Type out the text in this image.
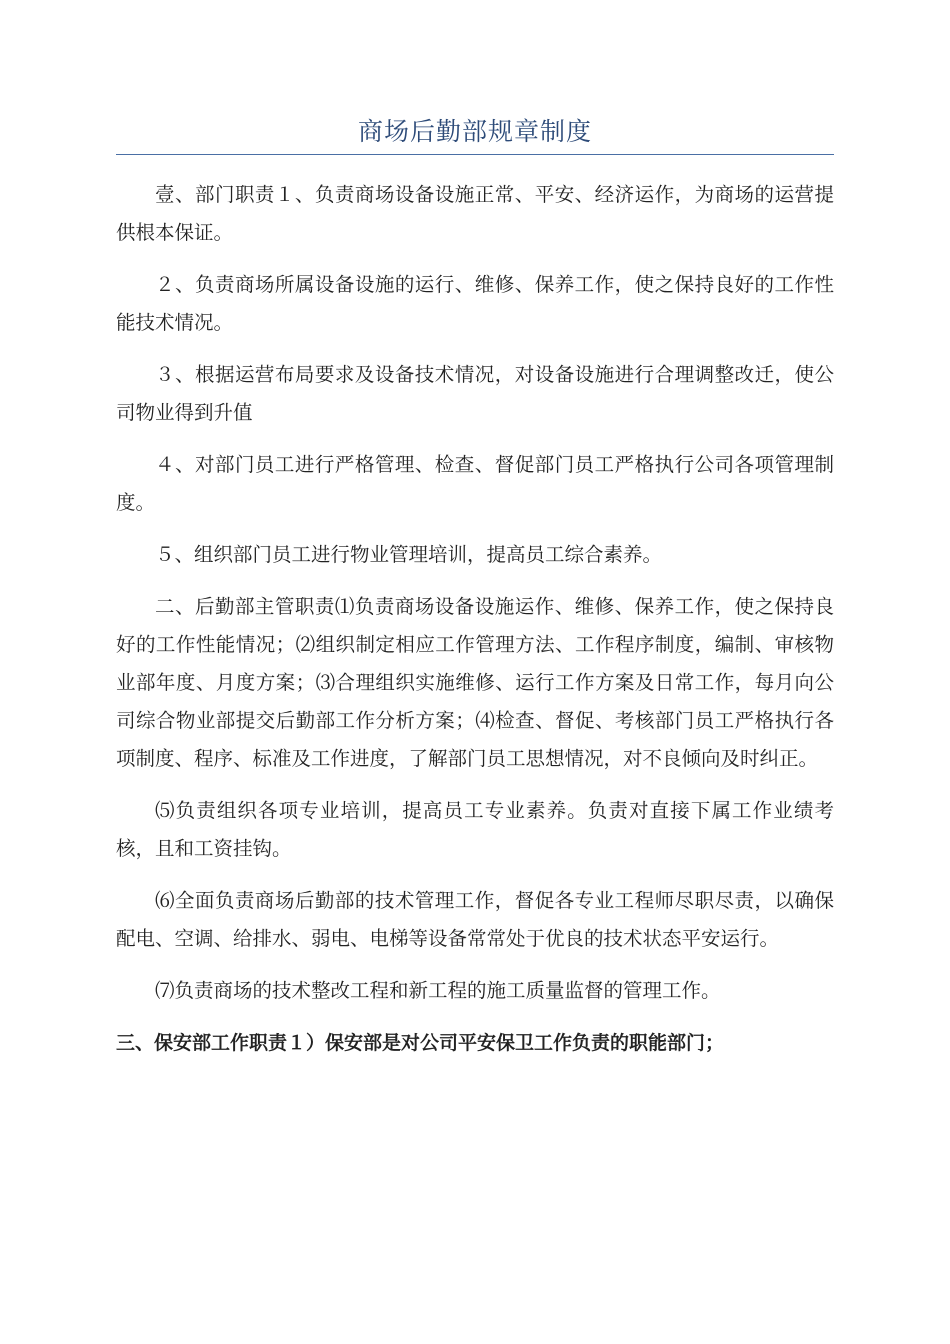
商场后勤部规章制度

壹、部门职责１、负责商场设备设施正常、平安、经济运作，为商场的运营提供根本保证。

２、负责商场所属设备设施的运行、维修、保养工作，使之保持良好的工作性能技术情况。

３、根据运营布局要求及设备技术情况，对设备设施进行合理调整改迁，使公司物业得到升值

４、对部门员工进行严格管理、检查、督促部门员工严格执行公司各项管理制度。

５、组织部门员工进行物业管理培训，提高员工综合素养。

二、后勤部主管职责⑴负责商场设备设施运作、维修、保养工作，使之保持良好的工作性能情况；⑵组织制定相应工作管理方法、工作程序制度，编制、审核物业部年度、月度方案；⑶合理组织实施维修、运行工作方案及日常工作，每月向公司综合物业部提交后勤部工作分析方案；⑷检查、督促、考核部门员工严格执行各项制度、程序、标准及工作进度，了解部门员工思想情况，对不良倾向及时纠正。

⑸负责组织各项专业培训，提高员工专业素养。负责对直接下属工作业绩考核，且和工资挂钩。

⑹全面负责商场后勤部的技术管理工作，督促各专业工程师尽职尽责，以确保配电、空调、给排水、弱电、电梯等设备常常处于优良的技术状态平安运行。

⑺负责商场的技术整改工程和新工程的施工质量监督的管理工作。

三、保安部工作职责１）保安部是对公司平安保卫工作负责的职能部门；
